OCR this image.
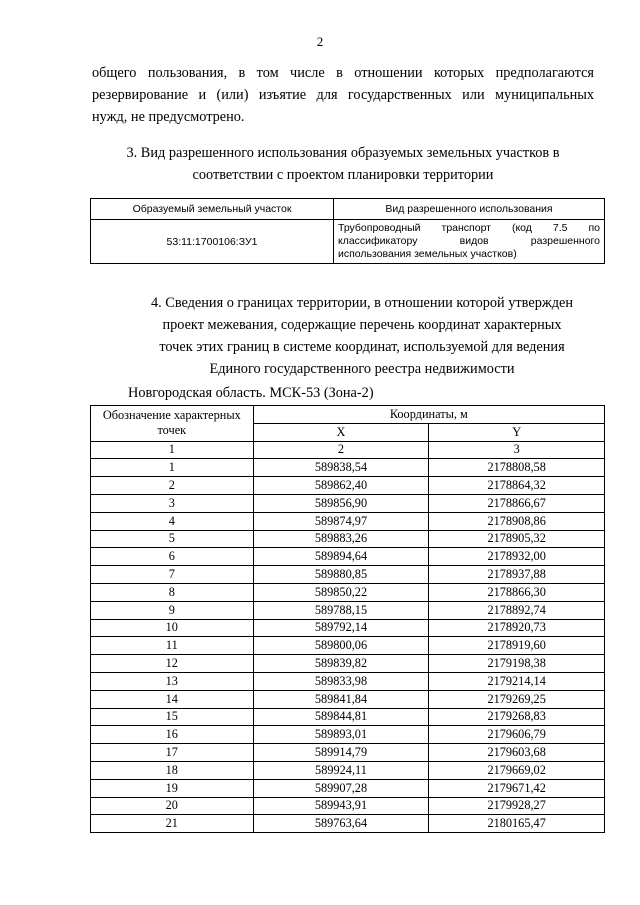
2
общего пользования, в том числе в отношении которых предполагаются
резервирование и (или) изъятие для государственных или муниципальных
нужд, не предусмотрено.
3. Вид разрешенного использования образуемых земельных участков в
соответствии с проектом планировки территории
Образуемый земельный участок	Вид разрешенного использования
53:11:1700106:ЗУ1	Трубопроводный транспорт (код 7.5 по
классификатору видов разрешенного
использования земельных участков)
4. Сведения о границах территории, в отношении которой утвержден
проект межевания, содержащие перечень координат характерных
точек этих границ в системе координат, используемой для ведения
Единого государственного реестра недвижимости
Новгородская область. МСК-53 (Зона-2)
Обозначение характерных
точек	Координаты, м	
	X	Y
1	2	3
1	589838,54	2178808,58
2	589862,40	2178864,32
3	589856,90	2178866,67
4	589874,97	2178908,86
5	589883,26	2178905,32
6	589894,64	2178932,00
7	589880,85	2178937,88
8	589850,22	2178866,30
9	589788,15	2178892,74
10	589792,14	2178920,73
11	589800,06	2178919,60
12	589839,82	2179198,38
13	589833,98	2179214,14
14	589841,84	2179269,25
15	589844,81	2179268,83
16	589893,01	2179606,79
17	589914,79	2179603,68
18	589924,11	2179669,02
19	589907,28	2179671,42
20	589943,91	2179928,27
21	589763,64	2180165,47
